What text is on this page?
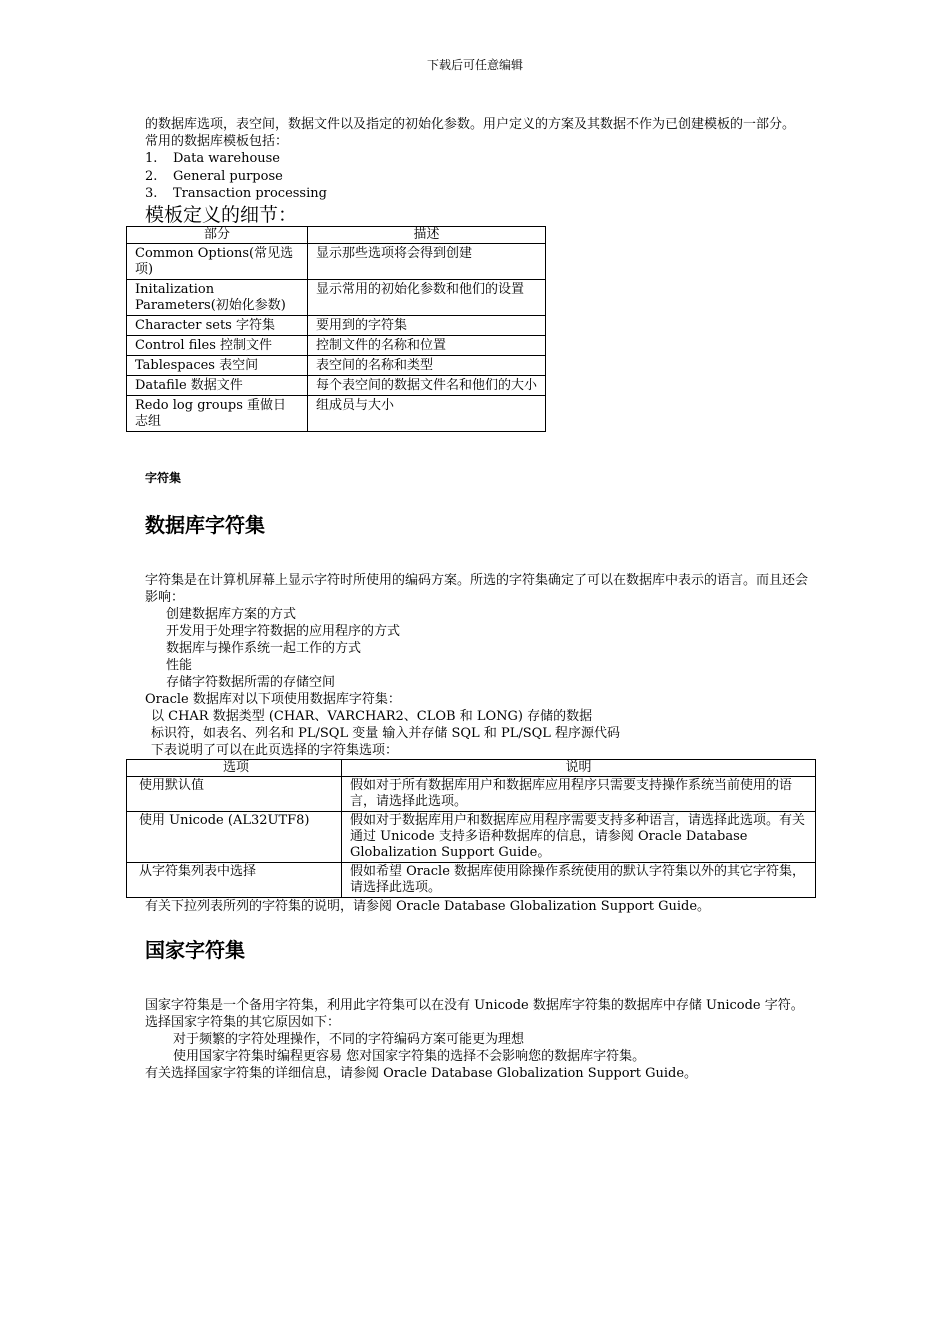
下载后可任意编辑

的数据库选项，表空间，数据文件以及指定的初始化参数。用户定义的方案及其数据不作为已创建模板的一部分。

常用的数据库模板包括：

1. Data warehouse
2. General purpose
3. Transaction processing
模板定义的细节：
部分	描述
Common Options(常见选项)	显示那些选项将会得到创建
Initalization Parameters(初始化参数)	显示常用的初始化参数和他们的设置
Character sets 字符集	要用到的字符集
Control files 控制文件	控制文件的名称和位置
Tablespaces 表空间	表空间的名称和类型
Datafile 数据文件	每个表空间的数据文件名和他们的大小
Redo log groups 重做日志组	组成员与大小
字符集
数据库字符集

字符集是在计算机屏幕上显示字符时所使用的编码方案。所选的字符集确定了可以在数据库中表示的语言。而且还会影响：

创建数据库方案的方式

开发用于处理字符数据的应用程序的方式

数据库与操作系统一起工作的方式

性能

存储字符数据所需的存储空间

Oracle 数据库对以下项使用数据库字符集：

以 CHAR 数据类型 (CHAR、VARCHAR2、CLOB 和 LONG) 存储的数据

标识符，如表名、列名和 PL/SQL 变量 输入并存储 SQL 和 PL/SQL 程序源代码

下表说明了可以在此页选择的字符集选项：

选项	说明
使用默认值	假如对于所有数据库用户和数据库应用程序只需要支持操作系统当前使用的语言，请选择此选项。
使用 Unicode (AL32UTF8)	假如对于数据库用户和数据库应用程序需要支持多种语言，请选择此选项。有关通过 Unicode 支持多语种数据库的信息，请参阅 Oracle Database Globalization Support Guide。
从字符集列表中选择	假如希望 Oracle 数据库使用除操作系统使用的默认字符集以外的其它字符集，请选择此选项。

有关下拉列表所列的字符集的说明，请参阅 Oracle Database Globalization Support Guide。

国家字符集

国家字符集是一个备用字符集，利用此字符集可以在没有 Unicode 数据库字符集的数据库中存储 Unicode 字符。

选择国家字符集的其它原因如下：

对于频繁的字符处理操作，不同的字符编码方案可能更为理想

使用国家字符集时编程更容易 您对国家字符集的选择不会影响您的数据库字符集。

有关选择国家字符集的详细信息，请参阅 Oracle Database Globalization Support Guide。
